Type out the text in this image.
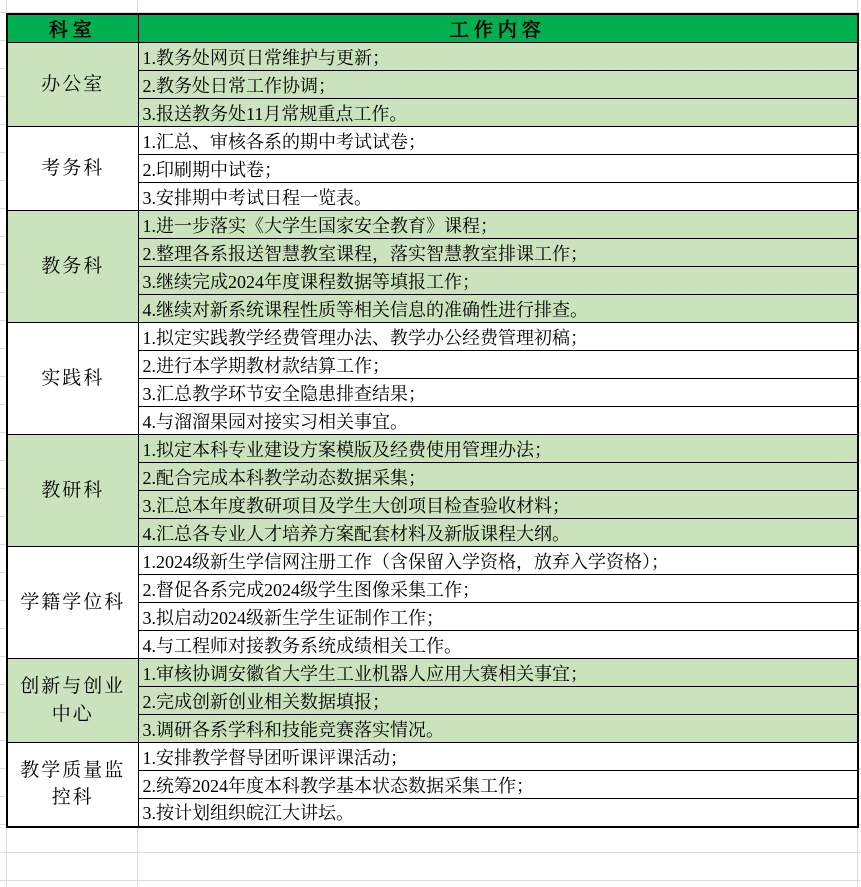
科室	工作内容
办公室	1.教务处网页日常维护与更新；
	2.教务处日常工作协调；
	3.报送教务处11月常规重点工作。
考务科	1.汇总、审核各系的期中考试试卷；
	2.印刷期中试卷；
	3.安排期中考试日程一览表。
教务科	1.进一步落实《大学生国家安全教育》课程；
	2.整理各系报送智慧教室课程，落实智慧教室排课工作；
	3.继续完成2024年度课程数据等填报工作；
	4.继续对新系统课程性质等相关信息的准确性进行排查。
实践科	1.拟定实践教学经费管理办法、教学办公经费管理初稿；
	2.进行本学期教材款结算工作；
	3.汇总教学环节安全隐患排查结果；
	4.与溜溜果园对接实习相关事宜。
教研科	1.拟定本科专业建设方案模版及经费使用管理办法；
	2.配合完成本科教学动态数据采集；
	3.汇总本年度教研项目及学生大创项目检查验收材料；
	4.汇总各专业人才培养方案配套材料及新版课程大纲。
学籍学位科	1.2024级新生学信网注册工作（含保留入学资格，放弃入学资格）；
	2.督促各系完成2024级学生图像采集工作；
	3.拟启动2024级新生学生证制作工作；
	4.与工程师对接教务系统成绩相关工作。
创新与创业中心	1.审核协调安徽省大学生工业机器人应用大赛相关事宜；
	2.完成创新创业相关数据填报；
	3.调研各系学科和技能竞赛落实情况。
教学质量监控科	1.安排教学督导团听课评课活动；
	2.统筹2024年度本科教学基本状态数据采集工作；
	3.按计划组织皖江大讲坛。
